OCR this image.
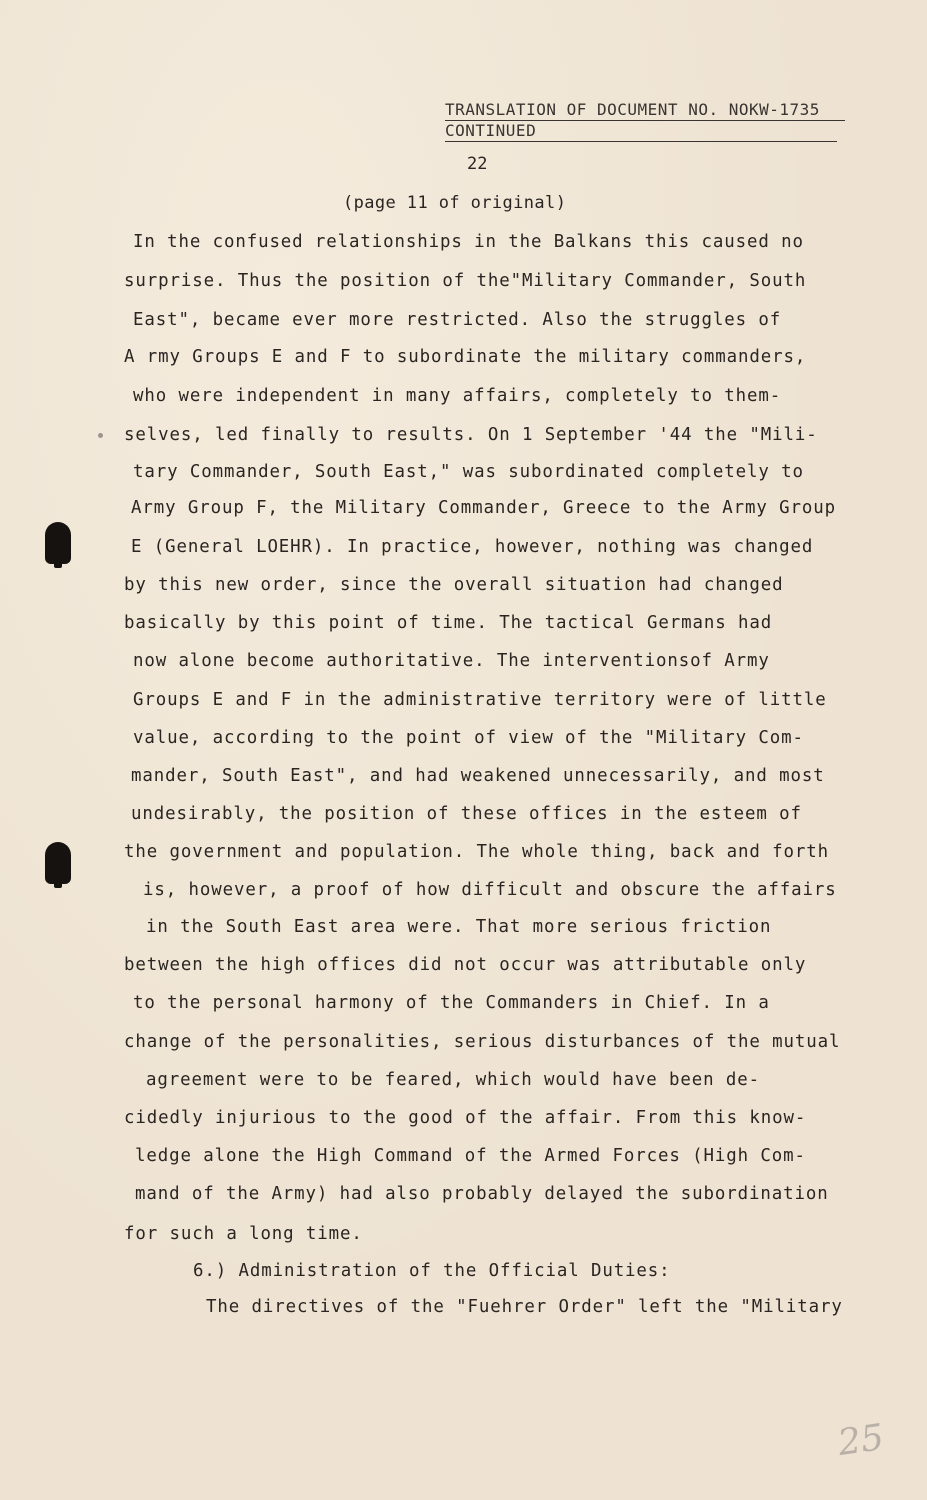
TRANSLATION OF DOCUMENT NO. NOKW-1735
CONTINUED
22
(page 11 of original)
In the confused relationships in the Balkans this caused no
surprise. Thus the position of the"Military Commander, South
East", became ever more restricted. Also the struggles of
A rmy Groups E and F to subordinate the military commanders,
who were independent in many affairs, completely to them-
selves, led finally to results. On 1 September '44 the "Mili-
tary Commander, South East," was subordinated completely to
Army Group F, the Military Commander, Greece to the Army Group
E (General LOEHR). In practice, however, nothing was changed
by this new order, since the overall situation had changed
basically by this point of time. The tactical Germans had
now alone become authoritative. The interventionsof Army
Groups E and F in the administrative territory were of little
value, according to the point of view of the "Military Com-
mander, South East", and had weakened unnecessarily, and most
undesirably, the position of these offices in the esteem of
the government and population. The whole thing, back and forth
is, however, a proof of how difficult and obscure the affairs
in the South East area were. That more serious friction
between the high offices did not occur was attributable only
to the personal harmony of the Commanders in Chief. In a
change of the personalities, serious disturbances of the mutual
agreement were to be feared, which would have been de-
cidedly injurious to the good of the affair. From this know-
ledge alone the High Command of the Armed Forces (High Com-
mand of the Army) had also probably delayed the subordination
for such a long time.
6.) Administration of the Official Duties:
The directives of the "Fuehrer Order" left the "Military
25
